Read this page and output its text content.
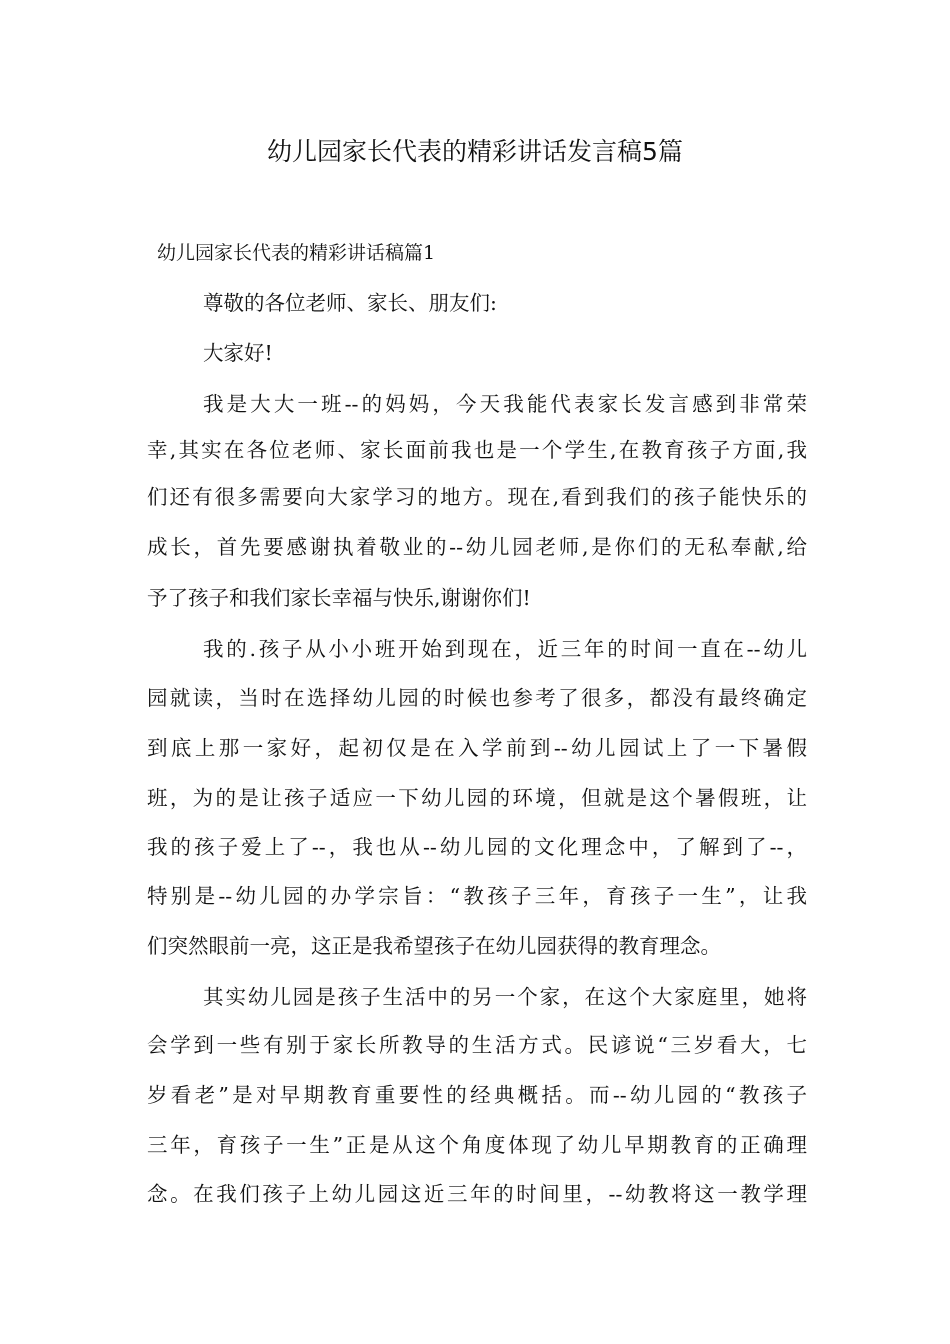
幼儿园家长代表的精彩讲话发言稿5篇
幼儿园家长代表的精彩讲话稿篇1
尊敬的各位老师、家长、朋友们:
大家好!
我是大大一班--的妈妈，今天我能代表家长发言感到非常荣
幸,其实在各位老师、家长面前我也是一个学生,在教育孩子方面,我
们还有很多需要向大家学习的地方。现在,看到我们的孩子能快乐的
成长，首先要感谢执着敬业的--幼儿园老师,是你们的无私奉献,给
予了孩子和我们家长幸福与快乐,谢谢你们!
我的.孩子从小小班开始到现在，近三年的时间一直在--幼儿
园就读，当时在选择幼儿园的时候也参考了很多，都没有最终确定
到底上那一家好，起初仅是在入学前到--幼儿园试上了一下暑假
班，为的是让孩子适应一下幼儿园的环境，但就是这个暑假班，让
我的孩子爱上了--，我也从--幼儿园的文化理念中，了解到了--，
特别是--幼儿园的办学宗旨：“教孩子三年，育孩子一生”，让我
们突然眼前一亮，这正是我希望孩子在幼儿园获得的教育理念。
其实幼儿园是孩子生活中的另一个家，在这个大家庭里，她将
会学到一些有别于家长所教导的生活方式。民谚说“三岁看大，七
岁看老”是对早期教育重要性的经典概括。而--幼儿园的“教孩子
三年，育孩子一生”正是从这个角度体现了幼儿早期教育的正确理
念。在我们孩子上幼儿园这近三年的时间里，--幼教将这一教学理
